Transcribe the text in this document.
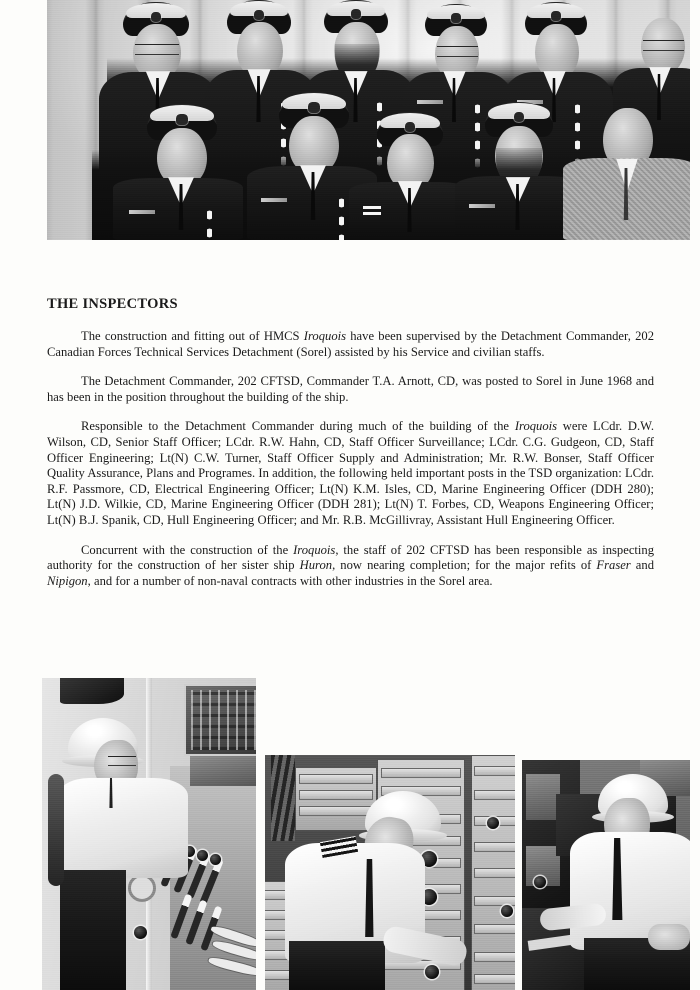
THE INSPECTORS

The construction and fitting out of HMCS Iroquois have been supervised by the Detachment Commander, 202 Canadian Forces Technical Services Detachment (Sorel) assisted by his Service and civilian staffs.

The Detachment Commander, 202 CFTSD, Commander T.A. Arnott, CD, was posted to Sorel in June 1968 and has been in the position throughout the building of the ship.

Responsible to the Detachment Commander during much of the building of the Iroquois were LCdr. D.W. Wilson, CD, Senior Staff Officer; LCdr. R.W. Hahn, CD, Staff Officer Surveillance; LCdr. C.G. Gudgeon, CD, Staff Officer Engineering; Lt(N) C.W. Turner, Staff Officer Supply and Administration; Mr. R.W. Bonser, Staff Officer Quality Assurance, Plans and Programes. In addition, the following held important posts in the TSD organization: LCdr. R.F. Passmore, CD, Electrical Engineering Officer; Lt(N) K.M. Isles, CD, Marine Engineering Officer (DDH 280); Lt(N) J.D. Wilkie, CD, Marine Engineering Officer (DDH 281); Lt(N) T. Forbes, CD, Weapons Engineering Officer; Lt(N) B.J. Spanik, CD, Hull Engineering Officer; and Mr. R.B. McGillivray, Assistant Hull Engineering Officer.

Concurrent with the construction of the Iroquois, the staff of 202 CFTSD has been responsible as inspecting authority for the construction of her sister ship Huron, now nearing completion; for the major refits of Fraser and Nipigon, and for a number of non-naval contracts with other industries in the Sorel area.
